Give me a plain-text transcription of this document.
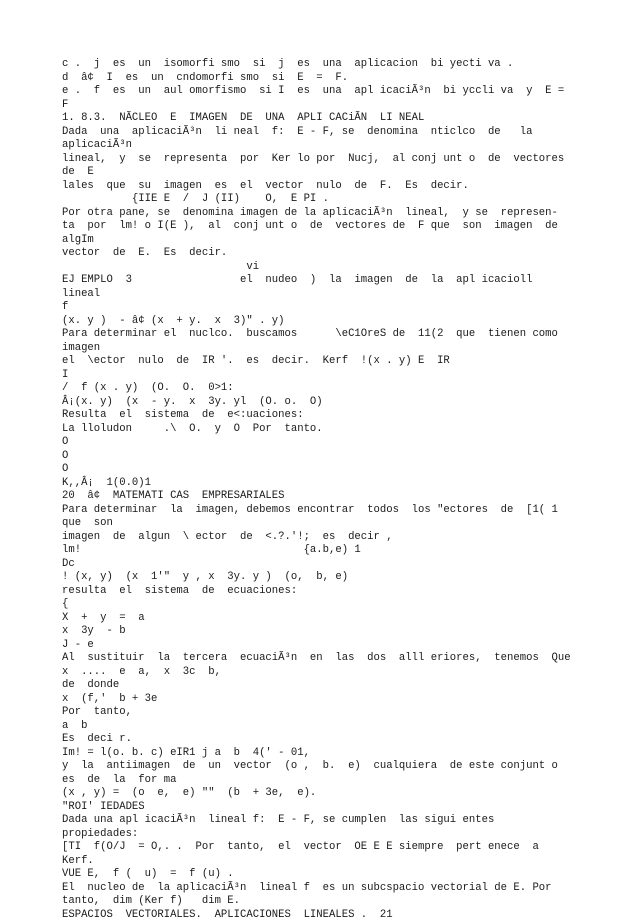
c .  j  es  un  isomorfi smo  si  j  es  una  aplicacion  bi yecti va .
d  â¢  I  es  un  cndomorfi smo  si  E  =  F.
e .  f  es  un  aul omorfismo  si I  es  una  apl icaciÃ³n  bi yccli va  y  E =
F
1. 8.3.  NÃCLEO  E  IMAGEN  DE  UNA  APLI CACiÃN  LI NEAL
Dada  una  aplicaciÃ³n  li neal  f:  E - F, se  denomina  nticlco  de   la
aplicaciÃ³n
lineal,  y  se  representa  por  Ker lo por  Nucj,  al conj unt o  de  vectores
de  E
lales  que  su  imagen  es  el  vector  nulo  de  F.  Es  decir.
{IIE E  /  J (II)    O,  E PI .
Por otra pane, se  denomina imagen de la aplicaciÃ³n  lineal,  y se  represen-
ta  por  lm! o I(E ),  al  conj unt o  de  vectores de  F que  son  imagen  de
algIm
vector  de  E.  Es  decir.
vi
EJ EMPLO  3                 el  nudeo  )  la  imagen  de  la  apl icacioll
lineal
f
(x. y )  - â¢ (x  + y.  x  3)" . y)
Para determinar el  nuclco.  buscamos      \eC1OreS de  11(2  que  tienen como
imagen
el  \ector  nulo  de  IR '.  es  decir.  Kerf  !(x . y) E  IR
I
/  f (x . y)  (O.  O.  0>1:
Â¡(x. y)  (x  - y.  x  3y. yl  (O. o.  O)
Resulta  el  sistema  de  e<:uaciones:
La lloludon     .\  O.  y  O  Por  tanto.
O
O
O
K,,Â¡  1(0.0)1
20  â¢  MATEMATI CAS  EMPRESARIALES
Para determinar  la  imagen, debemos encontrar  todos  los "ectores  de  [1( 1
que  son
imagen  de  algun  \ ector  de  <.?.'!;  es  decir ,
lm!                                   {a.b,e) 1
Dc
! (x, y)  (x  1'"  y , x  3y. y )  (o,  b, e)
resulta  el  sistema  de  ecuaciones:
{
X  +  y  =  a
x  3y  - b
J - e
Al  sustituir  la  tercera  ecuaciÃ³n  en  las  dos  alll eriores,  tenemos  Que
x  ....  e  a,  x  3c  b,
de  donde
x  (f,'  b + 3e
Por  tanto,
a  b
Es  deci r.
Im! = l(o. b. c) eIR1 j a  b  4(' - 01,
y  la  antiimagen  de  un  vector  (o ,  b.  e)  cualquiera  de este conjunt o
es  de  la  for ma
(x , y) =  (o  e,  e) ""  (b  + 3e,  e).
"ROI' IEDADES
Dada una apl icaciÃ³n  lineal f:  E - F, se cumplen  las sigui entes
propiedades:
[TI  f(O/J  = O,. .  Por  tanto,  el  vector  OE E E siempre  pert enece  a
Kerf.
VUE E,  f (  u)  =  f (u) .
El  nucleo de  la aplicaciÃ³n  lineal f  es un subcspacio vectorial de E. Por
tanto,  dim (Ker f)   dim E.
ESPACIOS  VECTORIALES.  APLICACIONES  LINEALES .  21
